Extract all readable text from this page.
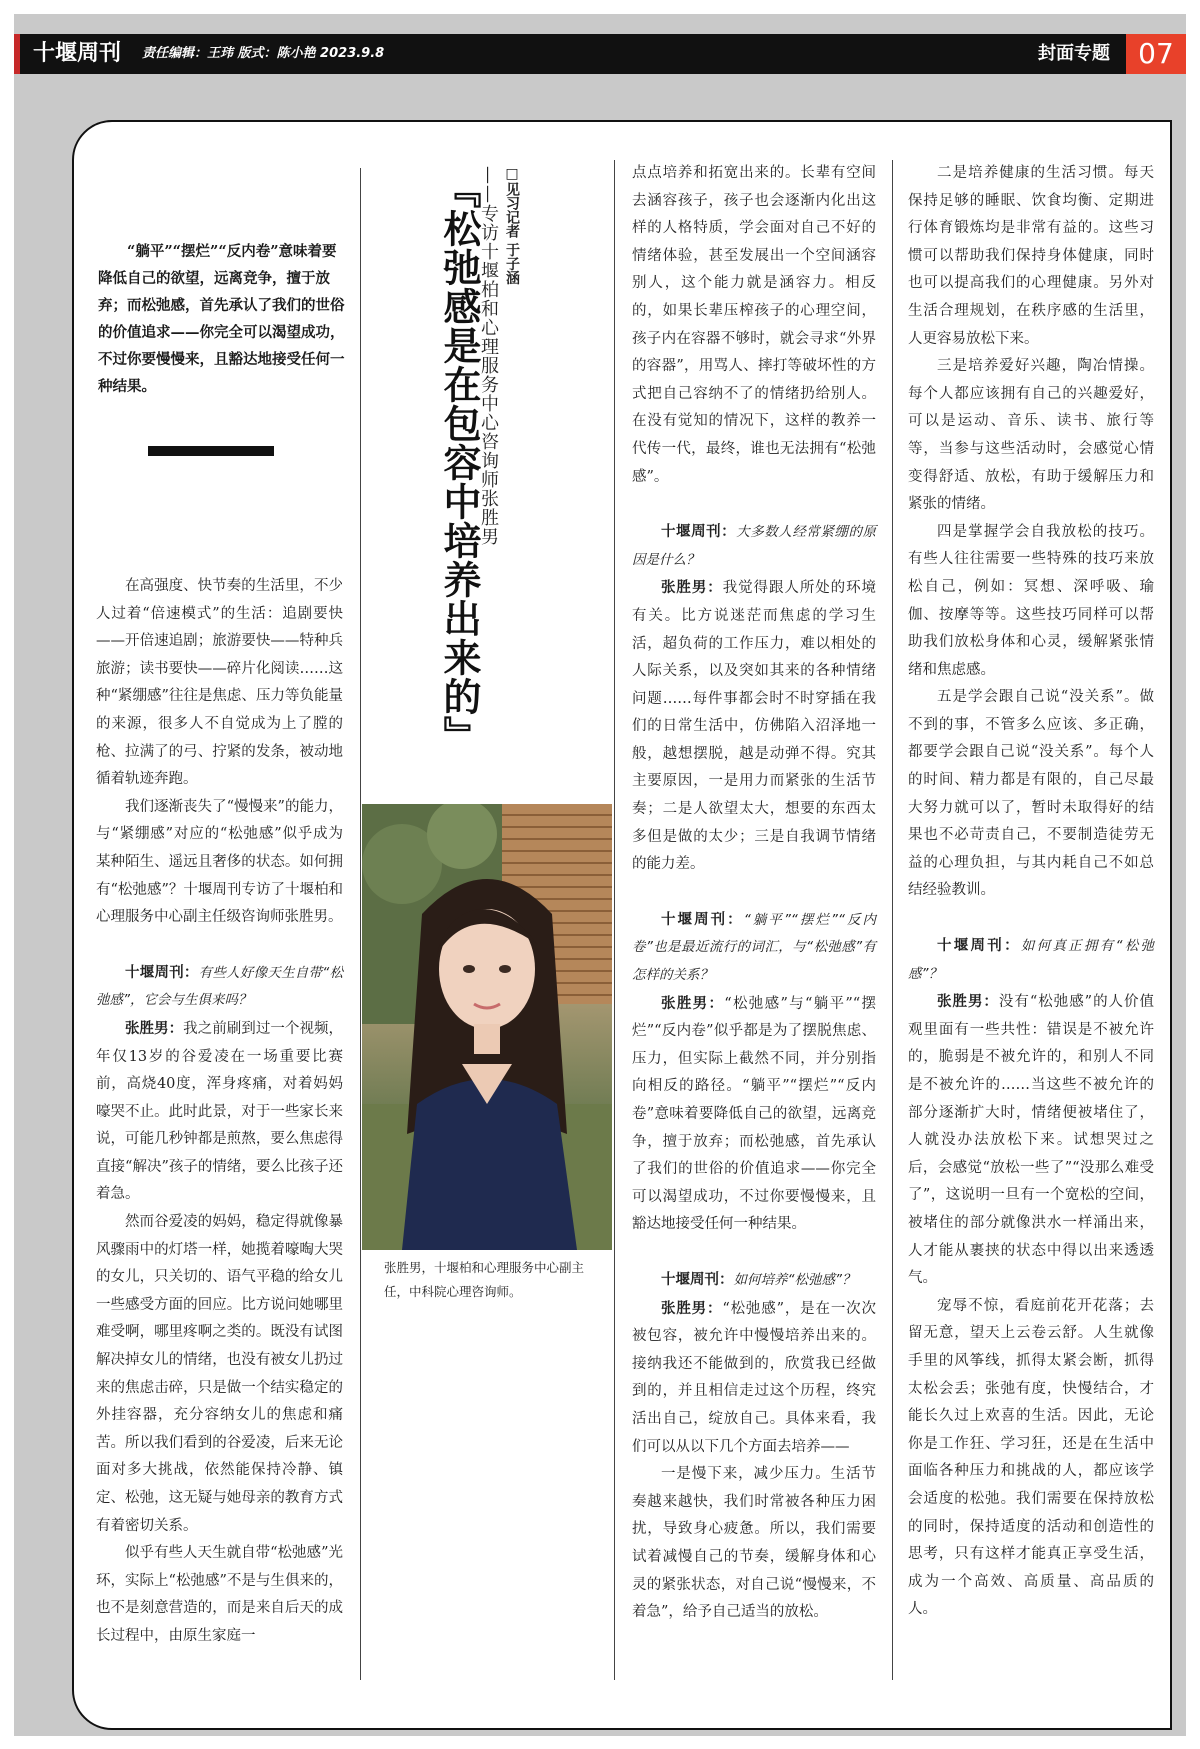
十堰周刊	责任编辑：王玮 版式：陈小艳 2023.9.8	封面专题	07
『松弛感是在包容中培养出来的』
——专访十堰柏和心理服务中心咨询师张胜男 □见习记者 于子涵

“躺平”“摆烂”“反内卷”意味着要降低自己的欲望，远离竞争，擅于放弃；而松弛感，首先承认了我们的世俗的价值追求——你完全可以渴望成功，不过你要慢慢来，且豁达地接受任何一种结果。

在高强度、快节奏的生活里，不少人过着“倍速模式”的生活：追剧要快——开倍速追剧；旅游要快——特种兵旅游；读书要快——碎片化阅读……这种“紧绷感”往往是焦虑、压力等负能量的来源，很多人不自觉成为上了膛的枪、拉满了的弓、拧紧的发条，被动地循着轨迹奔跑。

我们逐渐丧失了“慢慢来”的能力，与“紧绷感”对应的“松弛感”似乎成为某种陌生、遥远且奢侈的状态。如何拥有“松弛感”？十堰周刊专访了十堰柏和心理服务中心副主任级咨询师张胜男。

十堰周刊：有些人好像天生自带“松弛感”，它会与生俱来吗？

张胜男：我之前刷到过一个视频，年仅13岁的谷爱凌在一场重要比赛前，高烧40度，浑身疼痛，对着妈妈嚎哭不止。此时此景，对于一些家长来说，可能几秒钟都是煎熬，要么焦虑得直接“解决”孩子的情绪，要么比孩子还着急。

然而谷爱凌的妈妈，稳定得就像暴风骤雨中的灯塔一样，她揽着嚎啕大哭的女儿，只关切的、语气平稳的给女儿一些感受方面的回应。比方说问她哪里难受啊，哪里疼啊之类的。既没有试图解决掉女儿的情绪，也没有被女儿扔过来的焦虑击碎，只是做一个结实稳定的外挂容器，充分容纳女儿的焦虑和痛苦。所以我们看到的谷爱凌，后来无论面对多大挑战，依然能保持冷静、镇定、松弛，这无疑与她母亲的教育方式有着密切关系。

似乎有些人天生就自带“松弛感”光环，实际上“松弛感”不是与生俱来的，也不是刻意营造的，而是来自后天的成长过程中，由原生家庭一

张胜男，十堰柏和心理服务中心副主任，中科院心理咨询师。

点点培养和拓宽出来的。长辈有空间去涵容孩子，孩子也会逐渐内化出这样的人格特质，学会面对自己不好的情绪体验，甚至发展出一个空间涵容别人，这个能力就是涵容力。相反的，如果长辈压榨孩子的心理空间，孩子内在容器不够时，就会寻求“外界的容器”，用骂人、摔打等破坏性的方式把自己容纳不了的情绪扔给别人。在没有觉知的情况下，这样的教养一代传一代，最终，谁也无法拥有“松弛感”。

十堰周刊：大多数人经常紧绷的原因是什么？

张胜男：我觉得跟人所处的环境有关。比方说迷茫而焦虑的学习生活，超负荷的工作压力，难以相处的人际关系，以及突如其来的各种情绪问题……每件事都会时不时穿插在我们的日常生活中，仿佛陷入沼泽地一般，越想摆脱，越是动弹不得。究其主要原因，一是用力而紧张的生活节奏；二是人欲望太大，想要的东西太多但是做的太少；三是自我调节情绪的能力差。

十堰周刊：“躺平”“摆烂”“反内卷”也是最近流行的词汇，与“松弛感”有怎样的关系？

张胜男：“松弛感”与“躺平”“摆烂”“反内卷”似乎都是为了摆脱焦虑、压力，但实际上截然不同，并分别指向相反的路径。“躺平”“摆烂”“反内卷”意味着要降低自己的欲望，远离竞争，擅于放弃；而松弛感，首先承认了我们的世俗的价值追求——你完全可以渴望成功，不过你要慢慢来，且豁达地接受任何一种结果。

十堰周刊：如何培养“松弛感”？

张胜男：“松弛感”，是在一次次被包容，被允许中慢慢培养出来的。接纳我还不能做到的，欣赏我已经做到的，并且相信走过这个历程，终究活出自己，绽放自己。具体来看，我们可以从以下几个方面去培养——

一是慢下来，减少压力。生活节奏越来越快，我们时常被各种压力困扰，导致身心疲惫。所以，我们需要试着减慢自己的节奏，缓解身体和心灵的紧张状态，对自己说“慢慢来，不着急”，给予自己适当的放松。

二是培养健康的生活习惯。每天保持足够的睡眠、饮食均衡、定期进行体育锻炼均是非常有益的。这些习惯可以帮助我们保持身体健康，同时也可以提高我们的心理健康。另外对生活合理规划，在秩序感的生活里，人更容易放松下来。

三是培养爱好兴趣，陶冶情操。每个人都应该拥有自己的兴趣爱好，可以是运动、音乐、读书、旅行等等，当参与这些活动时，会感觉心情变得舒适、放松，有助于缓解压力和紧张的情绪。

四是掌握学会自我放松的技巧。有些人往往需要一些特殊的技巧来放松自己，例如：冥想、深呼吸、瑜伽、按摩等等。这些技巧同样可以帮助我们放松身体和心灵，缓解紧张情绪和焦虑感。

五是学会跟自己说“没关系”。做不到的事，不管多么应该、多正确，都要学会跟自己说“没关系”。每个人的时间、精力都是有限的，自己尽最大努力就可以了，暂时未取得好的结果也不必苛责自己，不要制造徒劳无益的心理负担，与其内耗自己不如总结经验教训。

十堰周刊：如何真正拥有“松弛感”？

张胜男：没有“松弛感”的人价值观里面有一些共性：错误是不被允许的，脆弱是不被允许的，和别人不同是不被允许的……当这些不被允许的部分逐渐扩大时，情绪便被堵住了，人就没办法放松下来。试想哭过之后，会感觉“放松一些了”“没那么难受了”，这说明一旦有一个宽松的空间，被堵住的部分就像洪水一样涌出来，人才能从裹挟的状态中得以出来透透气。

宠辱不惊，看庭前花开花落；去留无意，望天上云卷云舒。人生就像手里的风筝线，抓得太紧会断，抓得太松会丢；张弛有度，快慢结合，才能长久过上欢喜的生活。因此，无论你是工作狂、学习狂，还是在生活中面临各种压力和挑战的人，都应该学会适度的松弛。我们需要在保持放松的同时，保持适度的活动和创造性的思考，只有这样才能真正享受生活，成为一个高效、高质量、高品质的人。
